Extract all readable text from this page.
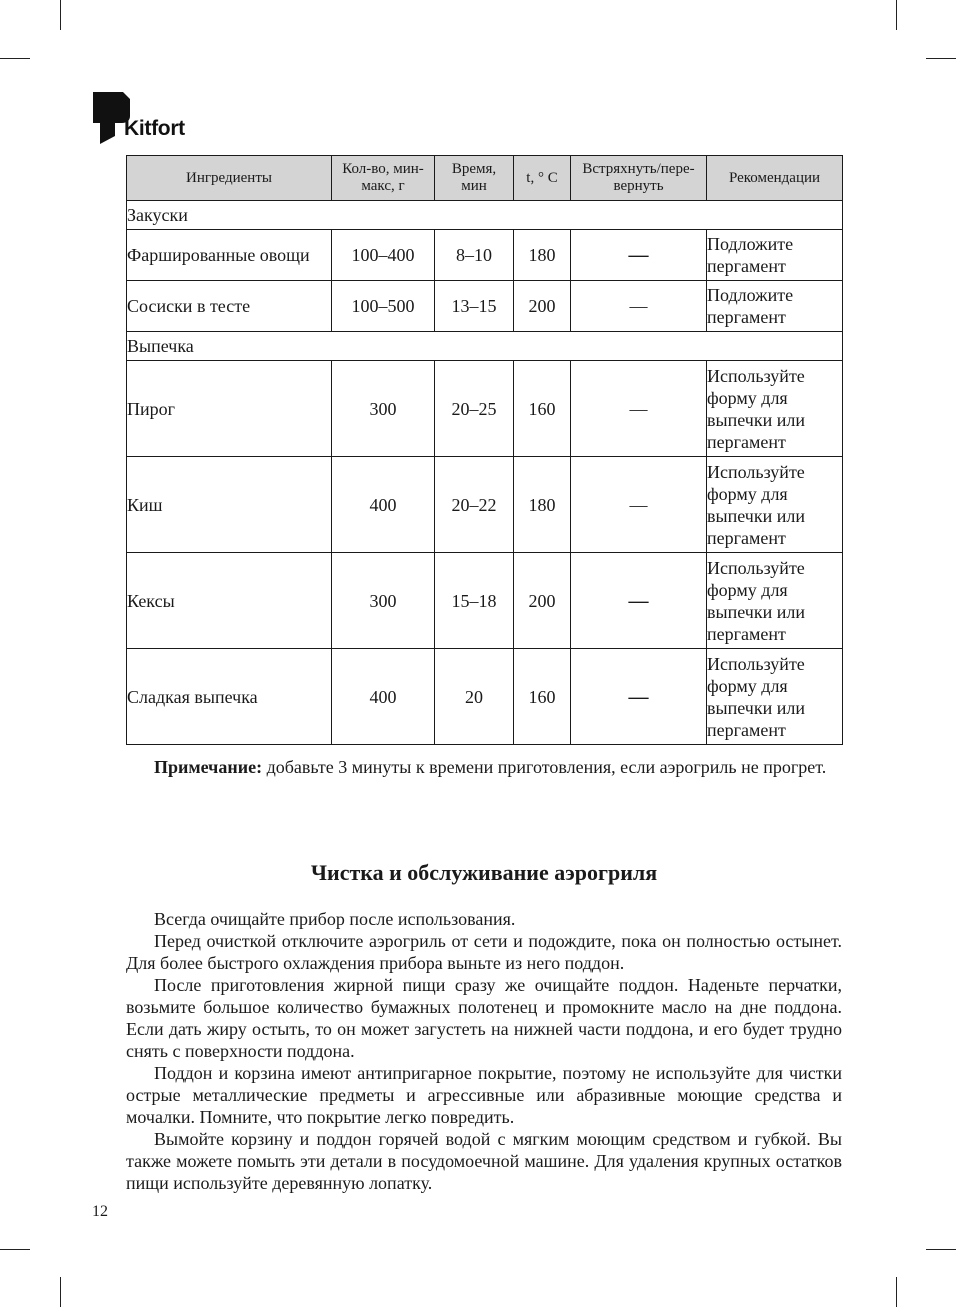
Kitfort
Ингредиенты	Кол-во, мин-макс, г	Время, мин	t, ° C	Встряхнуть/пере-вернуть	Рекомендации
Закуски					
Фаршированные овощи	100–400	8–10	180	—	Подложите пергамент
Сосиски в тесте	100–500	13–15	200	—	Подложите пергамент
Выпечка					
Пирог	300	20–25	160	—	Используйте форму для выпечки или пергамент
Киш	400	20–22	180	—	Используйте форму для выпечки или пергамент
Кексы	300	15–18	200	—	Используйте форму для выпечки или пергамент
Сладкая выпечка	400	20	160	—	Используйте форму для выпечки или пергамент

Примечание: добавьте 3 минуты к времени приготовления, если аэрогриль не прогрет.

Чистка и обслуживание аэрогриля

Всегда очищайте прибор после использования.

Перед очисткой отключите аэрогриль от сети и подождите, пока он полностью остынет. Для более быстрого охлаждения прибора выньте из него поддон.

После приготовления жирной пищи сразу же очищайте поддон. Наденьте перчатки, возьмите большое количество бумажных полотенец и промокните масло на дне поддона. Если дать жиру остыть, то он может загустеть на нижней части поддона, и его будет трудно снять с поверхности поддона.

Поддон и корзина имеют антипригарное покрытие, поэтому не используйте для чистки острые металлические предметы и агрессивные или абразивные моющие средства и мочалки. Помните, что покрытие легко повредить.

Вымойте корзину и поддон горячей водой с мягким моющим средством и губкой. Вы также можете помыть эти детали в посудомоечной машине. Для удаления крупных остатков пищи используйте деревянную лопатку.

12
